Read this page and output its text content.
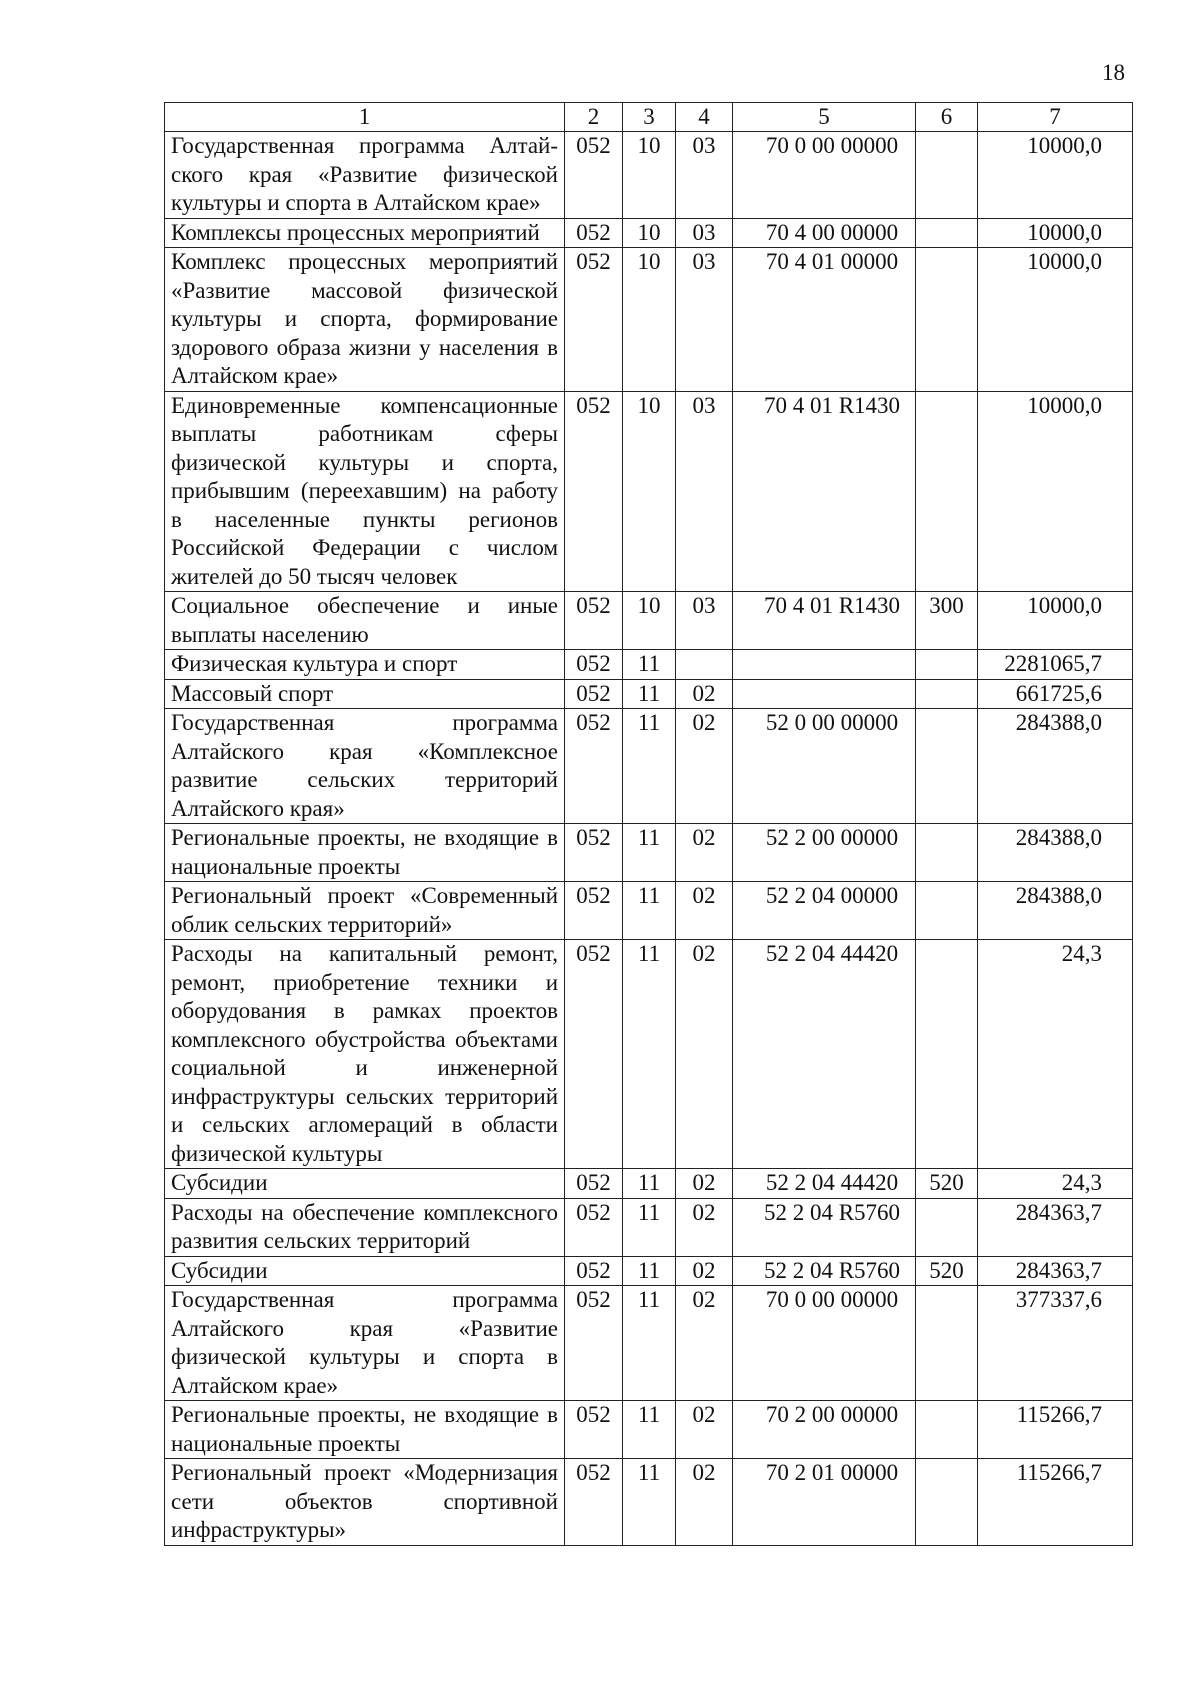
18
1	2	3	4	5	6	7
Государственная программа Алтай-ского края «Развитие физической культуры и спорта в Алтайском крае»	052	10	03	70 0 00 00000		10000,0
Комплексы процессных мероприятий	052	10	03	70 4 00 00000		10000,0
Комплекс процессных мероприятий «Развитие массовой физической культуры и спорта, формирование здорового образа жизни у населения в Алтайском крае»	052	10	03	70 4 01 00000		10000,0
Единовременные компенсационные выплаты работникам сферы физической культуры и спорта, прибывшим (переехавшим) на работу в населенные пункты регионов Российской Федерации с числом жителей до 50 тысяч человек	052	10	03	70 4 01 R1430		10000,0
Социальное обеспечение и иные выплаты населению	052	10	03	70 4 01 R1430	300	10000,0
Физическая культура и спорт	052	11				2281065,7
Массовый спорт	052	11	02			661725,6
Государственная программа Алтайского края «Комплексное развитие сельских территорий Алтайского края»	052	11	02	52 0 00 00000		284388,0
Региональные проекты, не входящие в национальные проекты	052	11	02	52 2 00 00000		284388,0
Региональный проект «Современный облик сельских территорий»	052	11	02	52 2 04 00000		284388,0
Расходы на капитальный ремонт, ремонт, приобретение техники и оборудования в рамках проектов комплексного обустройства объектами социальной и инженерной инфраструктуры сельских территорий и сельских агломераций в области физической культуры	052	11	02	52 2 04 44420		24,3
Субсидии	052	11	02	52 2 04 44420	520	24,3
Расходы на обеспечение комплексного развития сельских территорий	052	11	02	52 2 04 R5760		284363,7
Субсидии	052	11	02	52 2 04 R5760	520	284363,7
Государственная программа Алтайского края «Развитие физической культуры и спорта в Алтайском крае»	052	11	02	70 0 00 00000		377337,6
Региональные проекты, не входящие в национальные проекты	052	11	02	70 2 00 00000		115266,7
Региональный проект «Модернизация сети объектов спортивной инфраструктуры»	052	11	02	70 2 01 00000		115266,7
